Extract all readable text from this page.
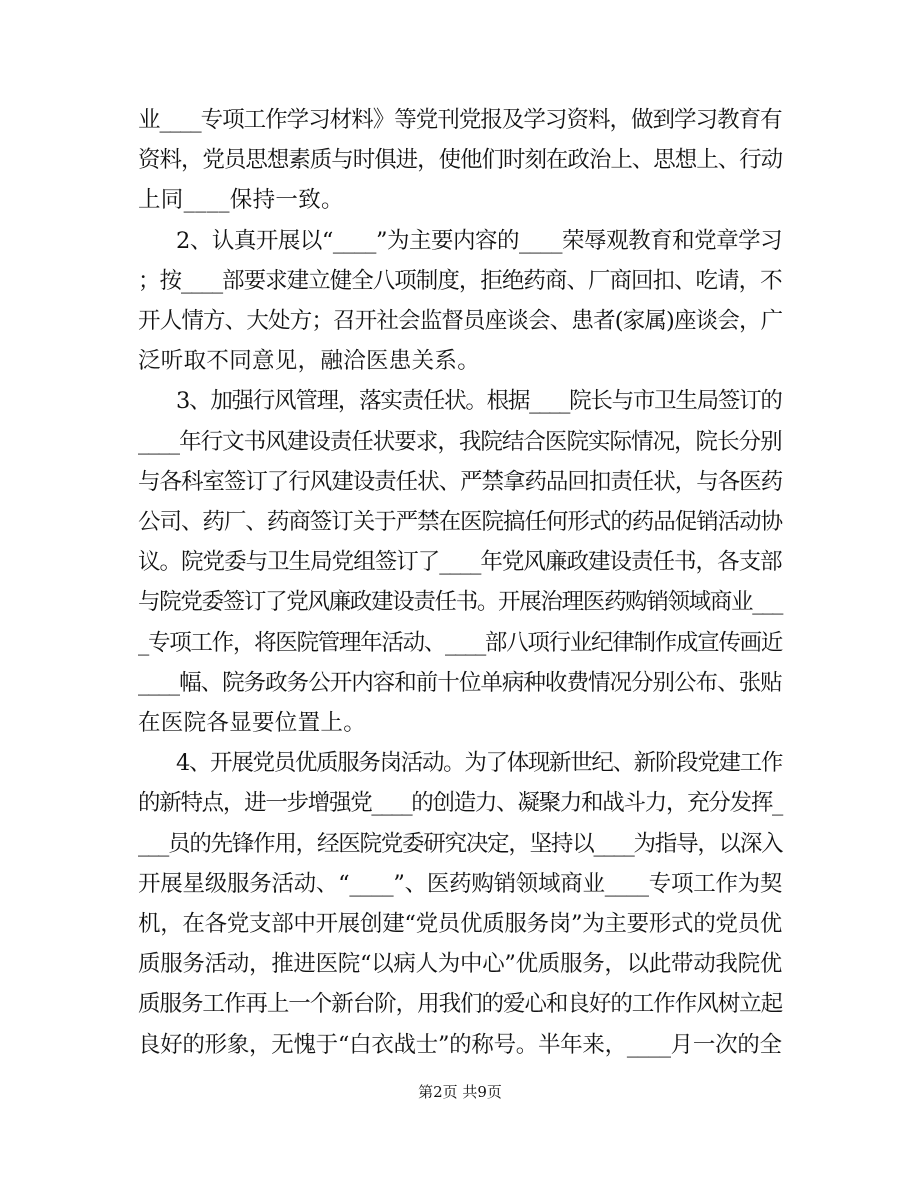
业____专项工作学习材料》等党刊党报及学习资料，做到学习教育有
资料，党员思想素质与时俱进，使他们时刻在政治上、思想上、行动
上同____保持一致。
2、认真开展以“____”为主要内容的____荣辱观教育和党章学习
；按____部要求建立健全八项制度，拒绝药商、厂商回扣、吃请，不
开人情方、大处方；召开社会监督员座谈会、患者(家属)座谈会，广
泛听取不同意见，融洽医患关系。
3、加强行风管理，落实责任状。根据____院长与市卫生局签订的
____年行文书风建设责任状要求，我院结合医院实际情况，院长分别
与各科室签订了行风建设责任状、严禁拿药品回扣责任状，与各医药
公司、药厂、药商签订关于严禁在医院搞任何形式的药品促销活动协
议。院党委与卫生局党组签订了____年党风廉政建设责任书，各支部
与院党委签订了党风廉政建设责任书。开展治理医药购销领域商业___
_专项工作，将医院管理年活动、____部八项行业纪律制作成宣传画近
____幅、院务政务公开内容和前十位单病种收费情况分别公布、张贴
在医院各显要位置上。
4、开展党员优质服务岗活动。为了体现新世纪、新阶段党建工作
的新特点，进一步增强党____的创造力、凝聚力和战斗力，充分发挥_
___员的先锋作用，经医院党委研究决定，坚持以____为指导，以深入
开展星级服务活动、“____”、医药购销领域商业____专项工作为契
机，在各党支部中开展创建“党员优质服务岗”为主要形式的党员优
质服务活动，推进医院“以病人为中心”优质服务，以此带动我院优
质服务工作再上一个新台阶，用我们的爱心和良好的工作作风树立起
良好的形象，无愧于“白衣战士”的称号。半年来，____月一次的全
第2页 共9页
